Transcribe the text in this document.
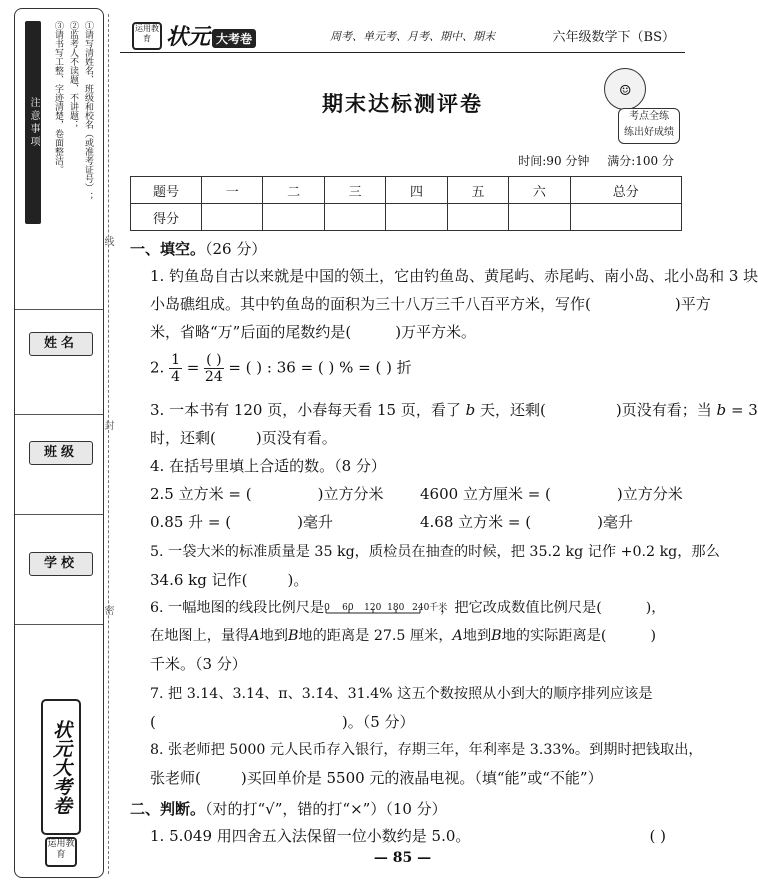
注意事项	①请写清姓名、班级和校名（或准考证号）；
②监考人不读题、不讲题；
③请书写工整、字迹清楚，卷面整洁。
姓名
班级
学校
状元大考卷
运用教育
线
封
密
运用教育 状元 大考卷	周考、单元考、月考、期中、期末	六年级数学下（BS）
期末达标测评卷	☺
考点全练
练出好成绩
时间:90 分钟 满分:100 分
题号	一	二	三	四	五	六	总分
得分							
一、填空。（26 分）
1. 钓鱼岛自古以来就是中国的领土，它由钓鱼岛、黄尾屿、赤尾屿、南小岛、北小岛和 3 块
小岛礁组成。其中钓鱼岛的面积为三十八万三千八百平方米，写作(	)平方
米，省略“万”后面的尾数约是(	)万平方米。
2. $\frac{1}{4} = \frac{( )}{24}$ = ( ) : 36 = ( ) % = ( ) 折
3. 一本书有 120 页，小春每天看 15 页，看了 b 天，还剩(	)页没有看；当 b = 3
时，还剩(	)页没有看。
4. 在括号里填上合适的数。（8 分）
2.5 立方米 = (	)立方分米 4600 立方厘米 = (	)立方分米
0.85 升 = (	)毫升	4.68 立方米 = (	)毫升
5. 一袋大米的标准质量是 35 kg，质检员在抽查的时候，把 35.2 kg 记作 +0.2 kg，那么
34.6 kg 记作(	)。
6. 一幅地图的线段比例尺是 0 60 120 180 240千米
，把它改成数值比例尺是(	)，
在地图上，量得A地到B地的距离是 27.5 厘米，A地到B地的实际距离是(	)
千米。（3 分）
7. 把 3.14、3.14̇、π、3.1̇4̇、31.4% 这五个数按照从小到大的顺序排列应该是
(	)。（5 分）
8. 张老师把 5000 元人民币存入银行，存期三年，年利率是 3.33%。到期时把钱取出，
张老师(	)买回单价是 5500 元的液晶电视。（填“能”或“不能”）
二、判断。（对的打“√”，错的打“×”）（10 分）
1. 5.049 用四舍五入法保留一位小数约是 5.0。	( )
— 85 —
